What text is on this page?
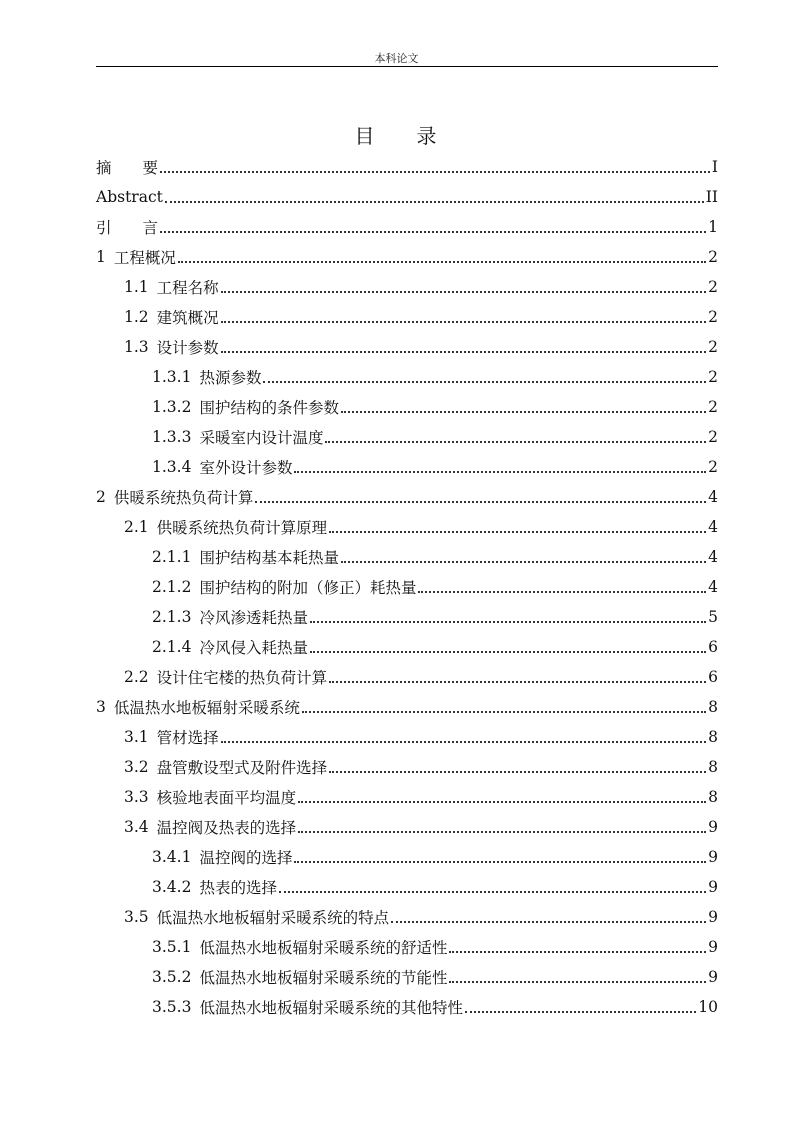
本科论文
目 录
摘　　要	I
Abstract	II
引　　言	1
1 工程概况	2
1.1 工程名称	2
1.2 建筑概况	2
1.3 设计参数	2
1.3.1 热源参数	2
1.3.2 围护结构的条件参数	2
1.3.3 采暖室内设计温度	2
1.3.4 室外设计参数	2
2 供暖系统热负荷计算	4
2.1 供暖系统热负荷计算原理	4
2.1.1 围护结构基本耗热量	4
2.1.2 围护结构的附加（修正）耗热量	4
2.1.3 冷风渗透耗热量	5
2.1.4 冷风侵入耗热量	6
2.2 设计住宅楼的热负荷计算	6
3 低温热水地板辐射采暖系统	8
3.1 管材选择	8
3.2 盘管敷设型式及附件选择	8
3.3 核验地表面平均温度	8
3.4 温控阀及热表的选择	9
3.4.1 温控阀的选择	9
3.4.2 热表的选择	9
3.5 低温热水地板辐射采暖系统的特点	9
3.5.1 低温热水地板辐射采暖系统的舒适性	9
3.5.2 低温热水地板辐射采暖系统的节能性	9
3.5.3 低温热水地板辐射采暖系统的其他特性	10
